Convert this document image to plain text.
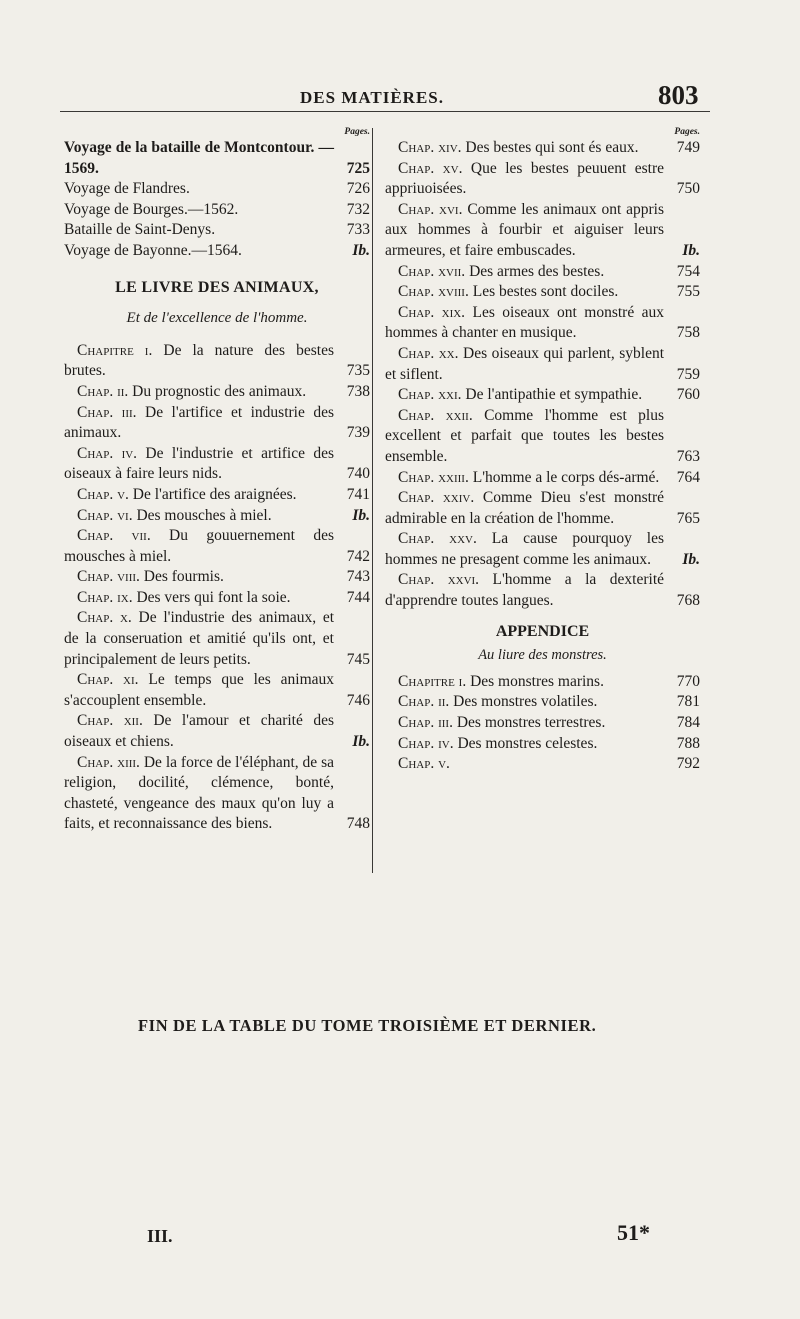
DES MATIÈRES.	803
Pages.
Voyage de la bataille de Montcontour. — 1569.	725
Voyage de Flandres.	726
Voyage de Bourges.—1562.	732
Bataille de Saint-Denys.	733
Voyage de Bayonne.—1564.	Ib.
LE LIVRE DES ANIMAUX,
Et de l'excellence de l'homme.
Chapitre i. De la nature des bestes brutes.	735
Chap. ii. Du prognostic des animaux.	738
Chap. iii. De l'artifice et industrie des animaux.	739
Chap. iv. De l'industrie et artifice des oiseaux à faire leurs nids.	740
Chap. v. De l'artifice des araignées.	741
Chap. vi. Des mousches à miel.	Ib.
Chap. vii. Du gouuernement des mousches à miel.	742
Chap. viii. Des fourmis.	743
Chap. ix. Des vers qui font la soie.	744
Chap. x. De l'industrie des animaux, et de la conseruation et amitié qu'ils ont, et principalement de leurs petits.	745
Chap. xi. Le temps que les animaux s'accouplent ensemble.	746
Chap. xii. De l'amour et charité des oiseaux et chiens.	Ib.
Chap. xiii. De la force de l'éléphant, de sa religion, docilité, clémence, bonté, chasteté, vengeance des maux qu'on luy a faits, et reconnaissance des biens.	748
Pages.
Chap. xiv. Des bestes qui sont és eaux.	749
Chap. xv. Que les bestes peuuent estre appriuoisées.	750
Chap. xvi. Comme les animaux ont appris aux hommes à fourbir et aiguiser leurs armeures, et faire embuscades.	Ib.
Chap. xvii. Des armes des bestes.	754
Chap. xviii. Les bestes sont dociles.	755
Chap. xix. Les oiseaux ont monstré aux hommes à chanter en musique.	758
Chap. xx. Des oiseaux qui parlent, syblent et siflent.	759
Chap. xxi. De l'antipathie et sympathie.	760
Chap. xxii. Comme l'homme est plus excellent et parfait que toutes les bestes ensemble.	763
Chap. xxiii. L'homme a le corps dés-armé.	764
Chap. xxiv. Comme Dieu s'est monstré admirable en la création de l'homme.	765
Chap. xxv. La cause pourquoy les hommes ne presagent comme les animaux.	Ib.
Chap. xxvi. L'homme a la dexterité d'apprendre toutes langues.	768
APPENDICE
Au liure des monstres.
Chapitre i. Des monstres marins.	770
Chap. ii. Des monstres volatiles.	781
Chap. iii. Des monstres terrestres.	784
Chap. iv. Des monstres celestes.	788
Chap. v.	792
FIN DE LA TABLE DU TOME TROISIÈME ET DERNIER.
III.	51*
